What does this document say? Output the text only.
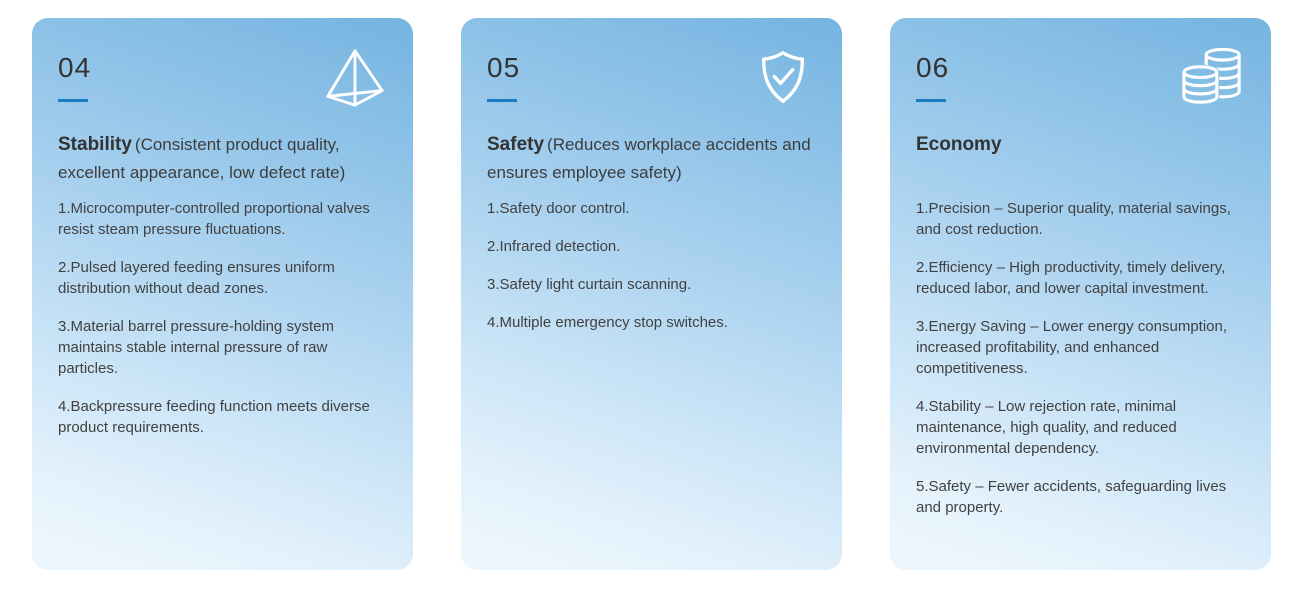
04
Stability (Consistent product quality, excellent appearance, low defect rate)

1.Microcomputer-controlled proportional valves resist steam pressure fluctuations.

2.Pulsed layered feeding ensures uniform distribution without dead zones.

3.Material barrel pressure-holding system maintains stable internal pressure of raw particles.

4.Backpressure feeding function meets diverse product requirements.

05
Safety (Reduces workplace accidents and ensures employee safety)

1.Safety door control.

2.Infrared detection.

3.Safety light curtain scanning.

4.Multiple emergency stop switches.

06
Economy

1.Precision – Superior quality, material savings, and cost reduction.

2.Efficiency – High productivity, timely delivery, reduced labor, and lower capital investment.

3.Energy Saving – Lower energy consumption, increased profitability, and enhanced competitiveness.

4.Stability – Low rejection rate, minimal maintenance, high quality, and reduced environmental dependency.

5.Safety – Fewer accidents, safeguarding lives and property.
